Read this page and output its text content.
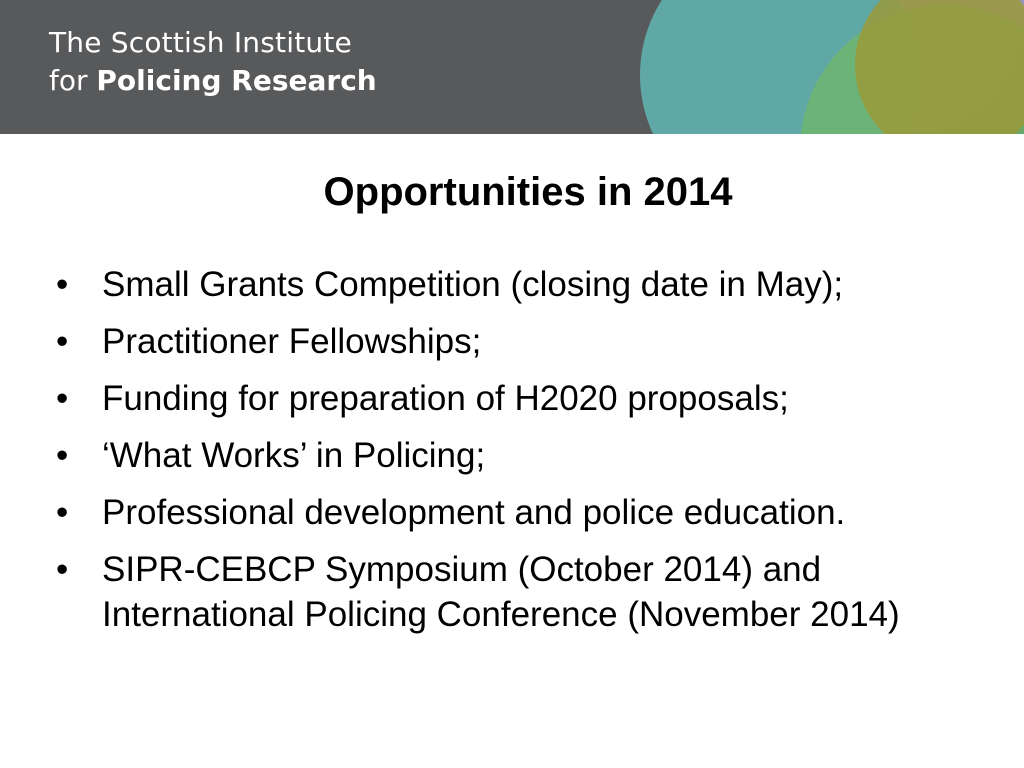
The Scottish Institute
for Policing Research
Opportunities in 2014
• Small Grants Competition (closing date in May);
• Practitioner Fellowships;
• Funding for preparation of H2020 proposals;
• ‘What Works’ in Policing;
• Professional development and police education.
• SIPR-CEBCP Symposium (October 2014) and International Policing Conference (November 2014)
